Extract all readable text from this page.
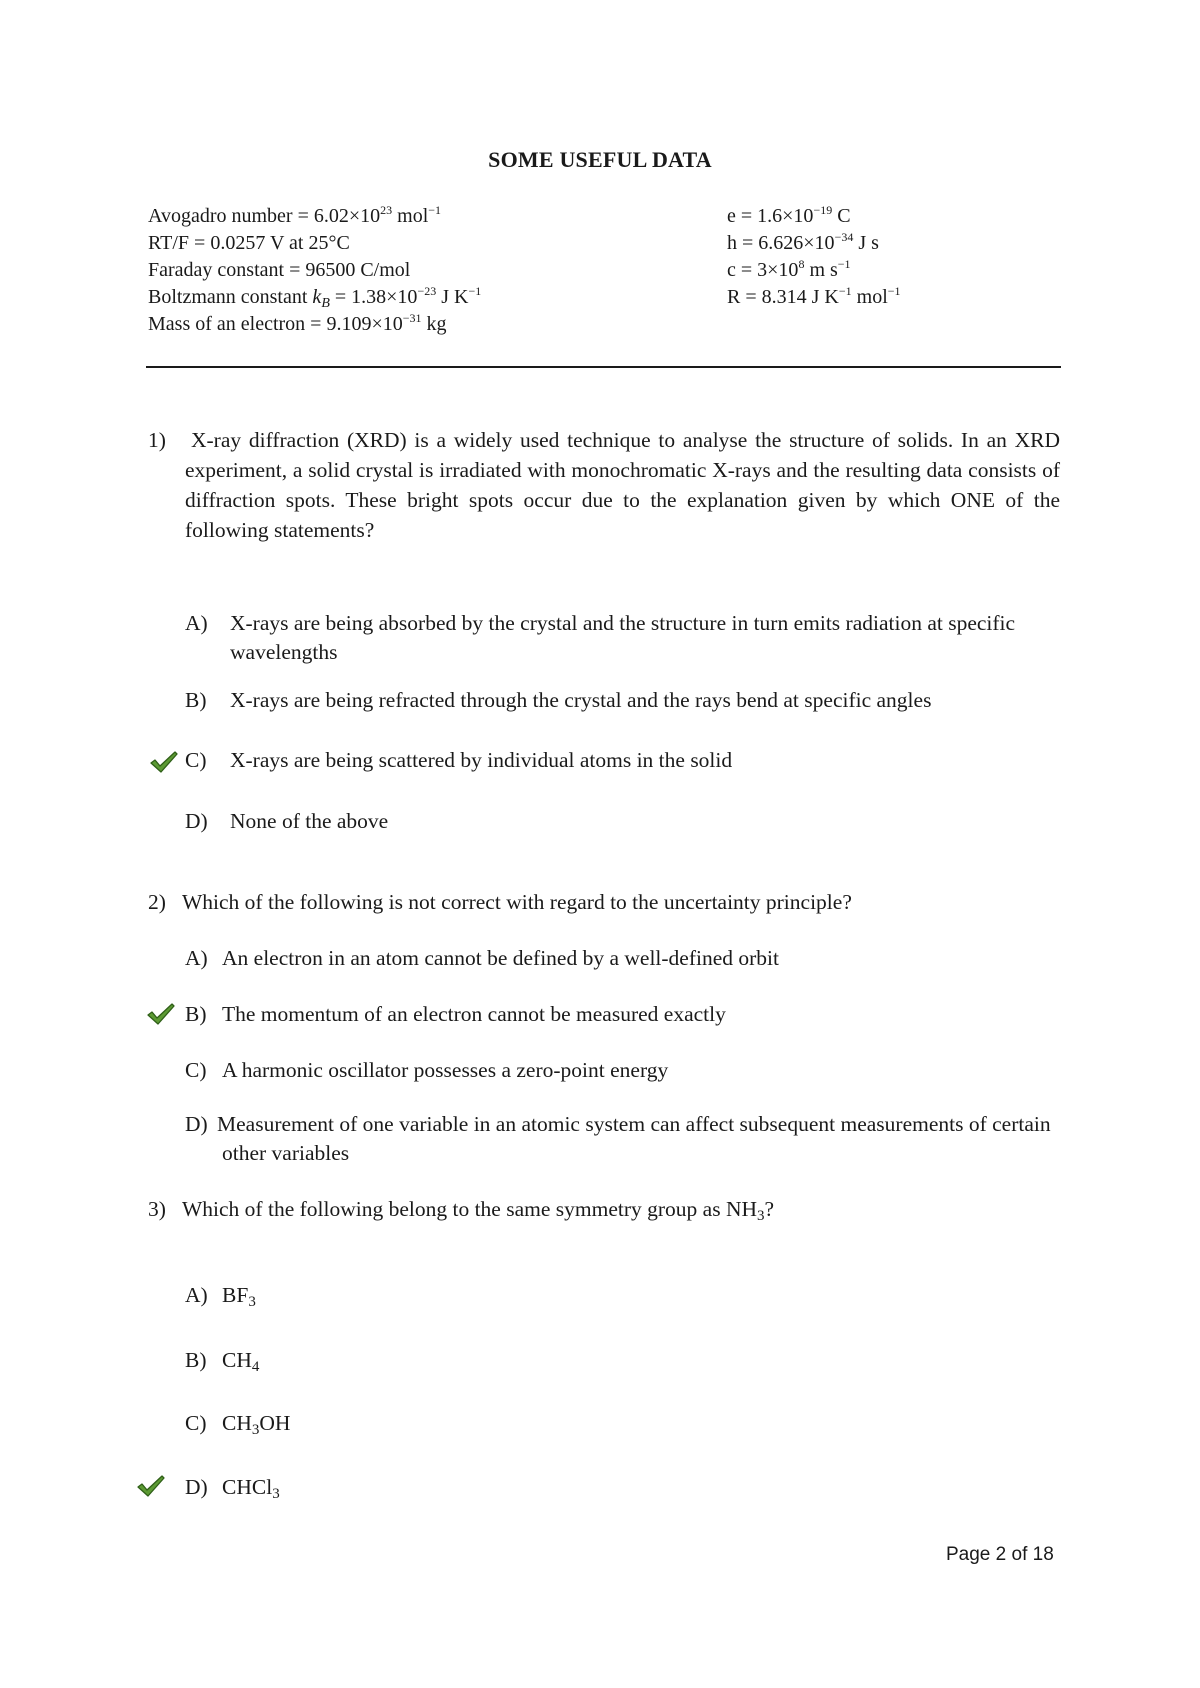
SOME USEFUL DATA
Avogadro number = $6.02\times 10^{23}$ mol$^{-1}$
RT/F = 0.0257 V at 25°C
Faraday constant = 96500 C/mol
Boltzmann constant $k_B = 1.38\times 10^{-23}$ J $K^{-1}$
Mass of an electron = $9.109\times 10^{-31}$ kg
$e = 1.6\times 10^{-19}$ C
$h = 6.626\times 10^{-34}$ J s
$c = 3\times 10^8$ m $s^{-1}$
R = 8.314 J $K^{-1}$ mol$^{-1}$
1) X-ray diffraction (XRD) is a widely used technique to analyse the structure of solids. In an XRD experiment, a solid crystal is irradiated with monochromatic X-rays and the resulting data consists of diffraction spots. These bright spots occur due to the explanation given by which ONE of the following statements?
A) X-rays are being absorbed by the crystal and the structure in turn emits radiation at specific wavelengths
B) X-rays are being refracted through the crystal and the rays bend at specific angles
C) X-rays are being scattered by individual atoms in the solid
D) None of the above
2) Which of the following is not correct with regard to the uncertainty principle?
A) An electron in an atom cannot be defined by a well-defined orbit
B) The momentum of an electron cannot be measured exactly
C) A harmonic oscillator possesses a zero-point energy
D) Measurement of one variable in an atomic system can affect subsequent measurements of certain other variables
3) Which of the following belong to the same symmetry group as NH3?
A) BF3
B) CH4
C) CH3OH
D) CHCl3
Page 2 of 18
